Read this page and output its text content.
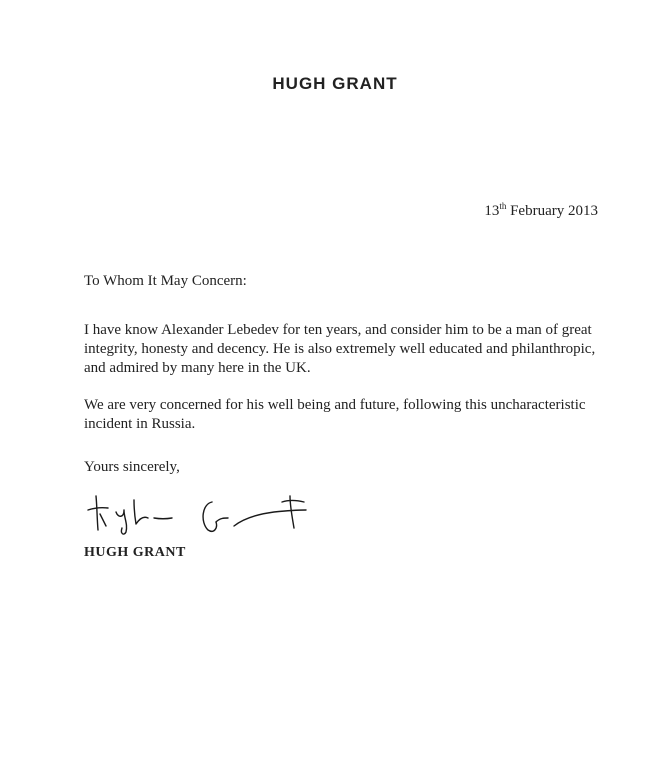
HUGH GRANT
13th February 2013
To Whom It May Concern:

I have know Alexander Lebedev for ten years, and consider him to be a man of great
integrity, honesty and decency. He is also extremely well educated and philanthropic,
and admired by many here in the UK.

We are very concerned for his well being and future, following this uncharacteristic
incident in Russia.

Yours sincerely,
HUGH GRANT
